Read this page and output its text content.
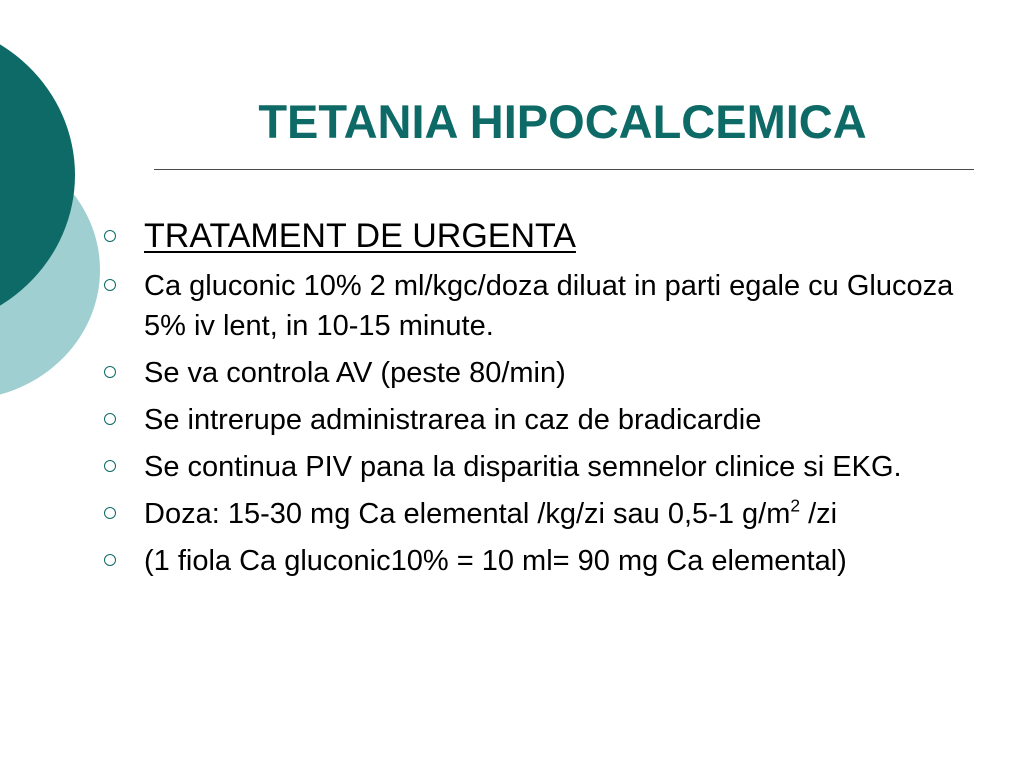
TETANIA HIPOCALCEMICA
TRATAMENT DE URGENTA
Ca gluconic 10% 2 ml/kgc/doza diluat in parti egale cu Glucoza 5% iv lent, in 10-15 minute.
Se va controla AV (peste 80/min)
Se intrerupe administrarea in caz de bradicardie
Se continua PIV pana la disparitia semnelor clinice si EKG.
Doza: 15-30 mg Ca elemental /kg/zi sau 0,5-1 $g/m^2$ /zi
(1 fiola Ca gluconic10% = 10 ml= 90 mg Ca elemental)
